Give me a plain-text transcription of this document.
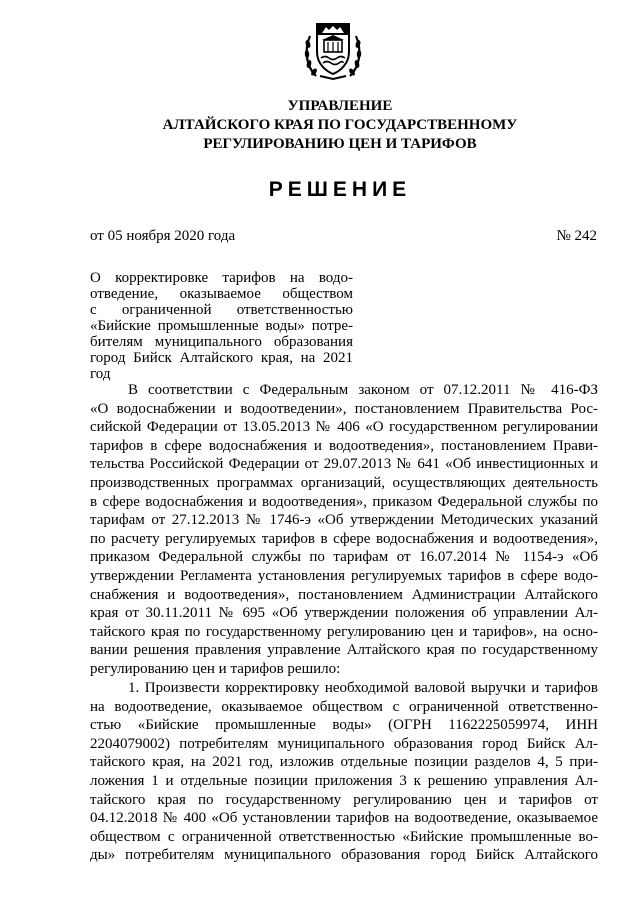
УПРАВЛЕНИЕ
АЛТАЙСКОГО КРАЯ ПО ГОСУДАРСТВЕННОМУ
РЕГУЛИРОВАНИЮ ЦЕН И ТАРИФОВ
РЕШЕНИЕ
от 05 ноября 2020 года	№ 242
О корректировке тарифов на водо-
отведение, оказываемое обществом
с ограниченной ответственностью
«Бийские промышленные воды» потре-
бителям муниципального образования
город Бийск Алтайского края, на 2021
год
В соответствии с Федеральным законом от 07.12.2011 № 416-ФЗ
«О водоснабжении и водоотведении», постановлением Правительства Рос-
сийской Федерации от 13.05.2013 № 406 «О государственном регулировании
тарифов в сфере водоснабжения и водоотведения», постановлением Прави-
тельства Российской Федерации от 29.07.2013 № 641 «Об инвестиционных и
производственных программах организаций, осуществляющих деятельность
в сфере водоснабжения и водоотведения», приказом Федеральной службы по
тарифам от 27.12.2013 № 1746-э «Об утверждении Методических указаний
по расчету регулируемых тарифов в сфере водоснабжения и водоотведения»,
приказом Федеральной службы по тарифам от 16.07.2014 № 1154-э «Об
утверждении Регламента установления регулируемых тарифов в сфере водо-
снабжения и водоотведения», постановлением Администрации Алтайского
края от 30.11.2011 № 695 «Об утверждении положения об управлении Ал-
тайского края по государственному регулированию цен и тарифов», на осно-
вании решения правления управление Алтайского края по государственному
регулированию цен и тарифов решило:
1. Произвести корректировку необходимой валовой выручки и тарифов
на водоотведение, оказываемое обществом с ограниченной ответственно-
стью «Бийские промышленные воды» (ОГРН 1162225059974, ИНН
2204079002) потребителям муниципального образования город Бийск Ал-
тайского края, на 2021 год, изложив отдельные позиции разделов 4, 5 при-
ложения 1 и отдельные позиции приложения 3 к решению управления Ал-
тайского края по государственному регулированию цен и тарифов от
04.12.2018 № 400 «Об установлении тарифов на водоотведение, оказываемое
обществом с ограниченной ответственностью «Бийские промышленные во-
ды» потребителям муниципального образования город Бийск Алтайского
